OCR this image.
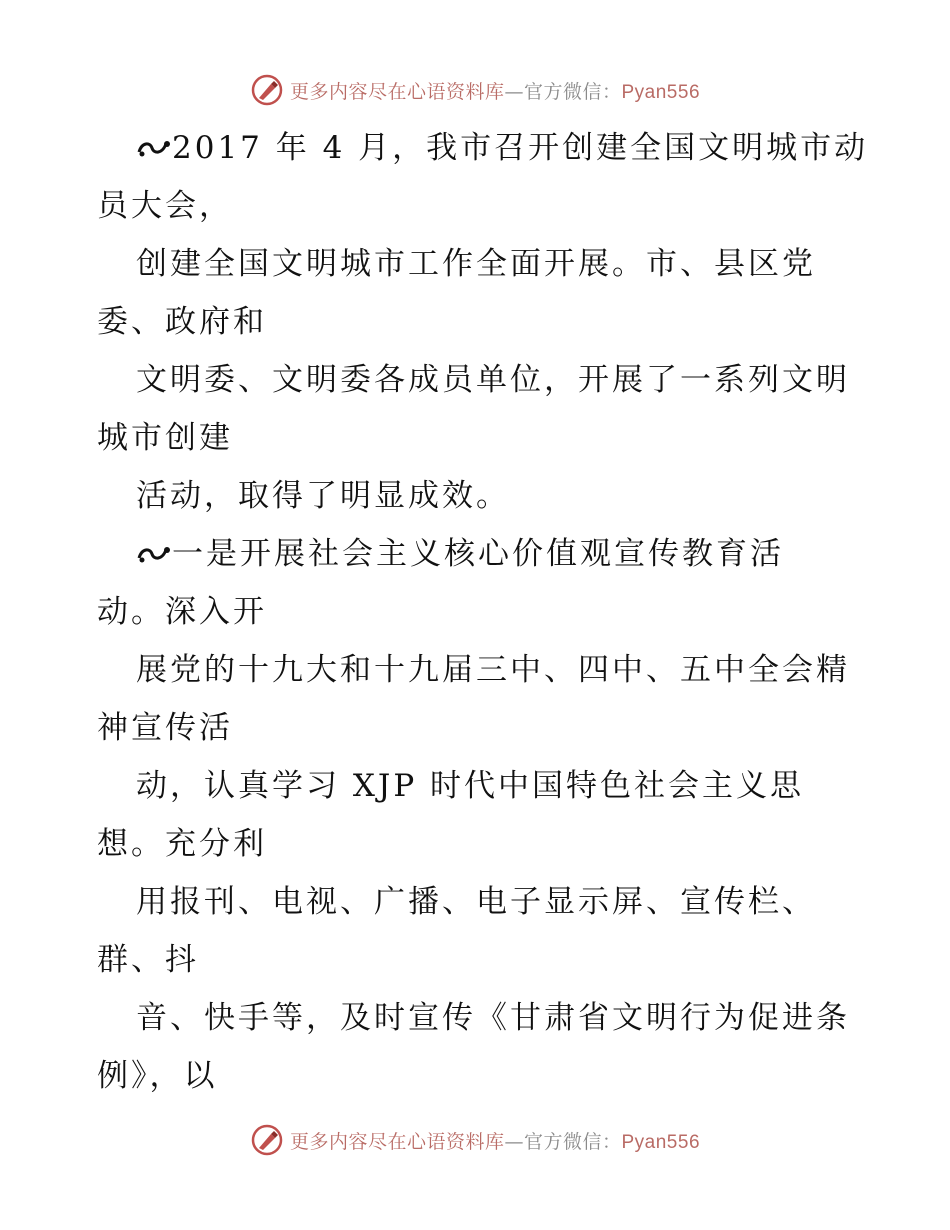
更多内容尽在心语资料库—官方微信：Pyan556
2017 年 4 月，我市召开创建全国文明城市动
员大会，
创建全国文明城市工作全面开展。市、县区党
委、政府和
文明委、文明委各成员单位，开展了一系列文明
城市创建
活动，取得了明显成效。
一是开展社会主义核心价值观宣传教育活
动。深入开
展党的十九大和十九届三中、四中、五中全会精
神宣传活
动，认真学习 XJP 时代中国特色社会主义思
想。充分利
用报刊、电视、广播、电子显示屏、宣传栏、
群、抖
音、快手等，及时宣传《甘肃省文明行为促进条
例》，以
更多内容尽在心语资料库—官方微信：Pyan556
